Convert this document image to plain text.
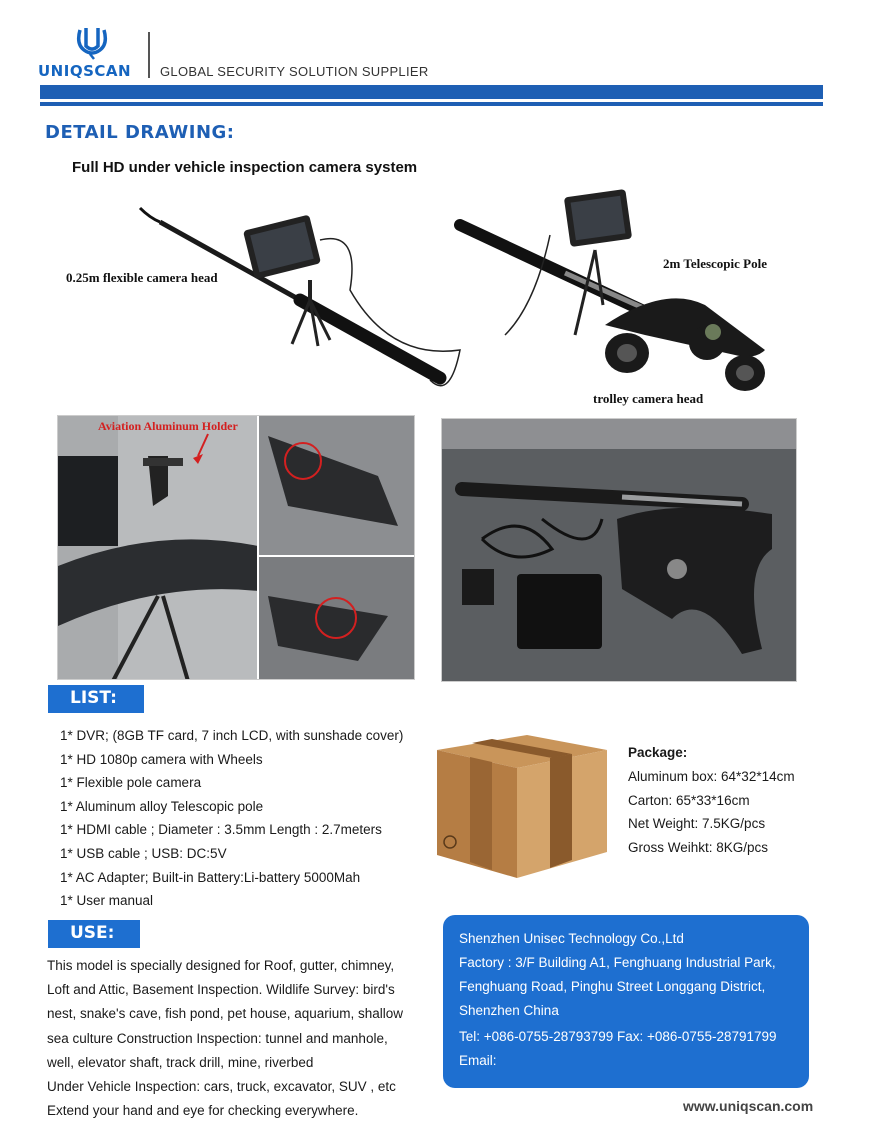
UNIQSCAN	GLOBAL SECURITY SOLUTION SUPPLIER
DETAIL DRAWING:
Full HD under vehicle inspection camera system
0.25m flexible camera head
2m Telescopic Pole
trolley camera head
Aviation Aluminum Holder
LIST:
1* DVR; (8GB TF card, 7 inch LCD, with sunshade cover)
1* HD 1080p camera with Wheels
1* Flexible pole camera
1* Aluminum alloy Telescopic pole
1* HDMI cable ; Diameter : 3.5mm Length : 2.7meters
1* USB cable ; USB: DC:5V
1* AC Adapter; Built-in Battery:Li-battery 5000Mah
1* User manual
Package:
Aluminum box: 64*32*14cm
Carton: 65*33*16cm
Net Weight: 7.5KG/pcs
Gross Weihkt: 8KG/pcs
USE:

This model is specially designed for Roof, gutter, chimney,

Loft and Attic, Basement Inspection. Wildlife Survey: bird's

nest, snake's cave, fish pond, pet house, aquarium, shallow

sea culture Construction Inspection: tunnel and manhole,

well, elevator shaft, track drill, mine, riverbed

Under Vehicle Inspection: cars, truck, excavator, SUV , etc

Extend your hand and eye for checking everywhere.

Shenzhen Unisec Technology Co.,Ltd

Factory : 3/F Building A1, Fenghuang Industrial Park,

Fenghuang Road, Pinghu Street Longgang District,

Shenzhen China

Tel: +086-0755-28793799 Fax: +086-0755-28791799

Email:

www.uniqscan.com
